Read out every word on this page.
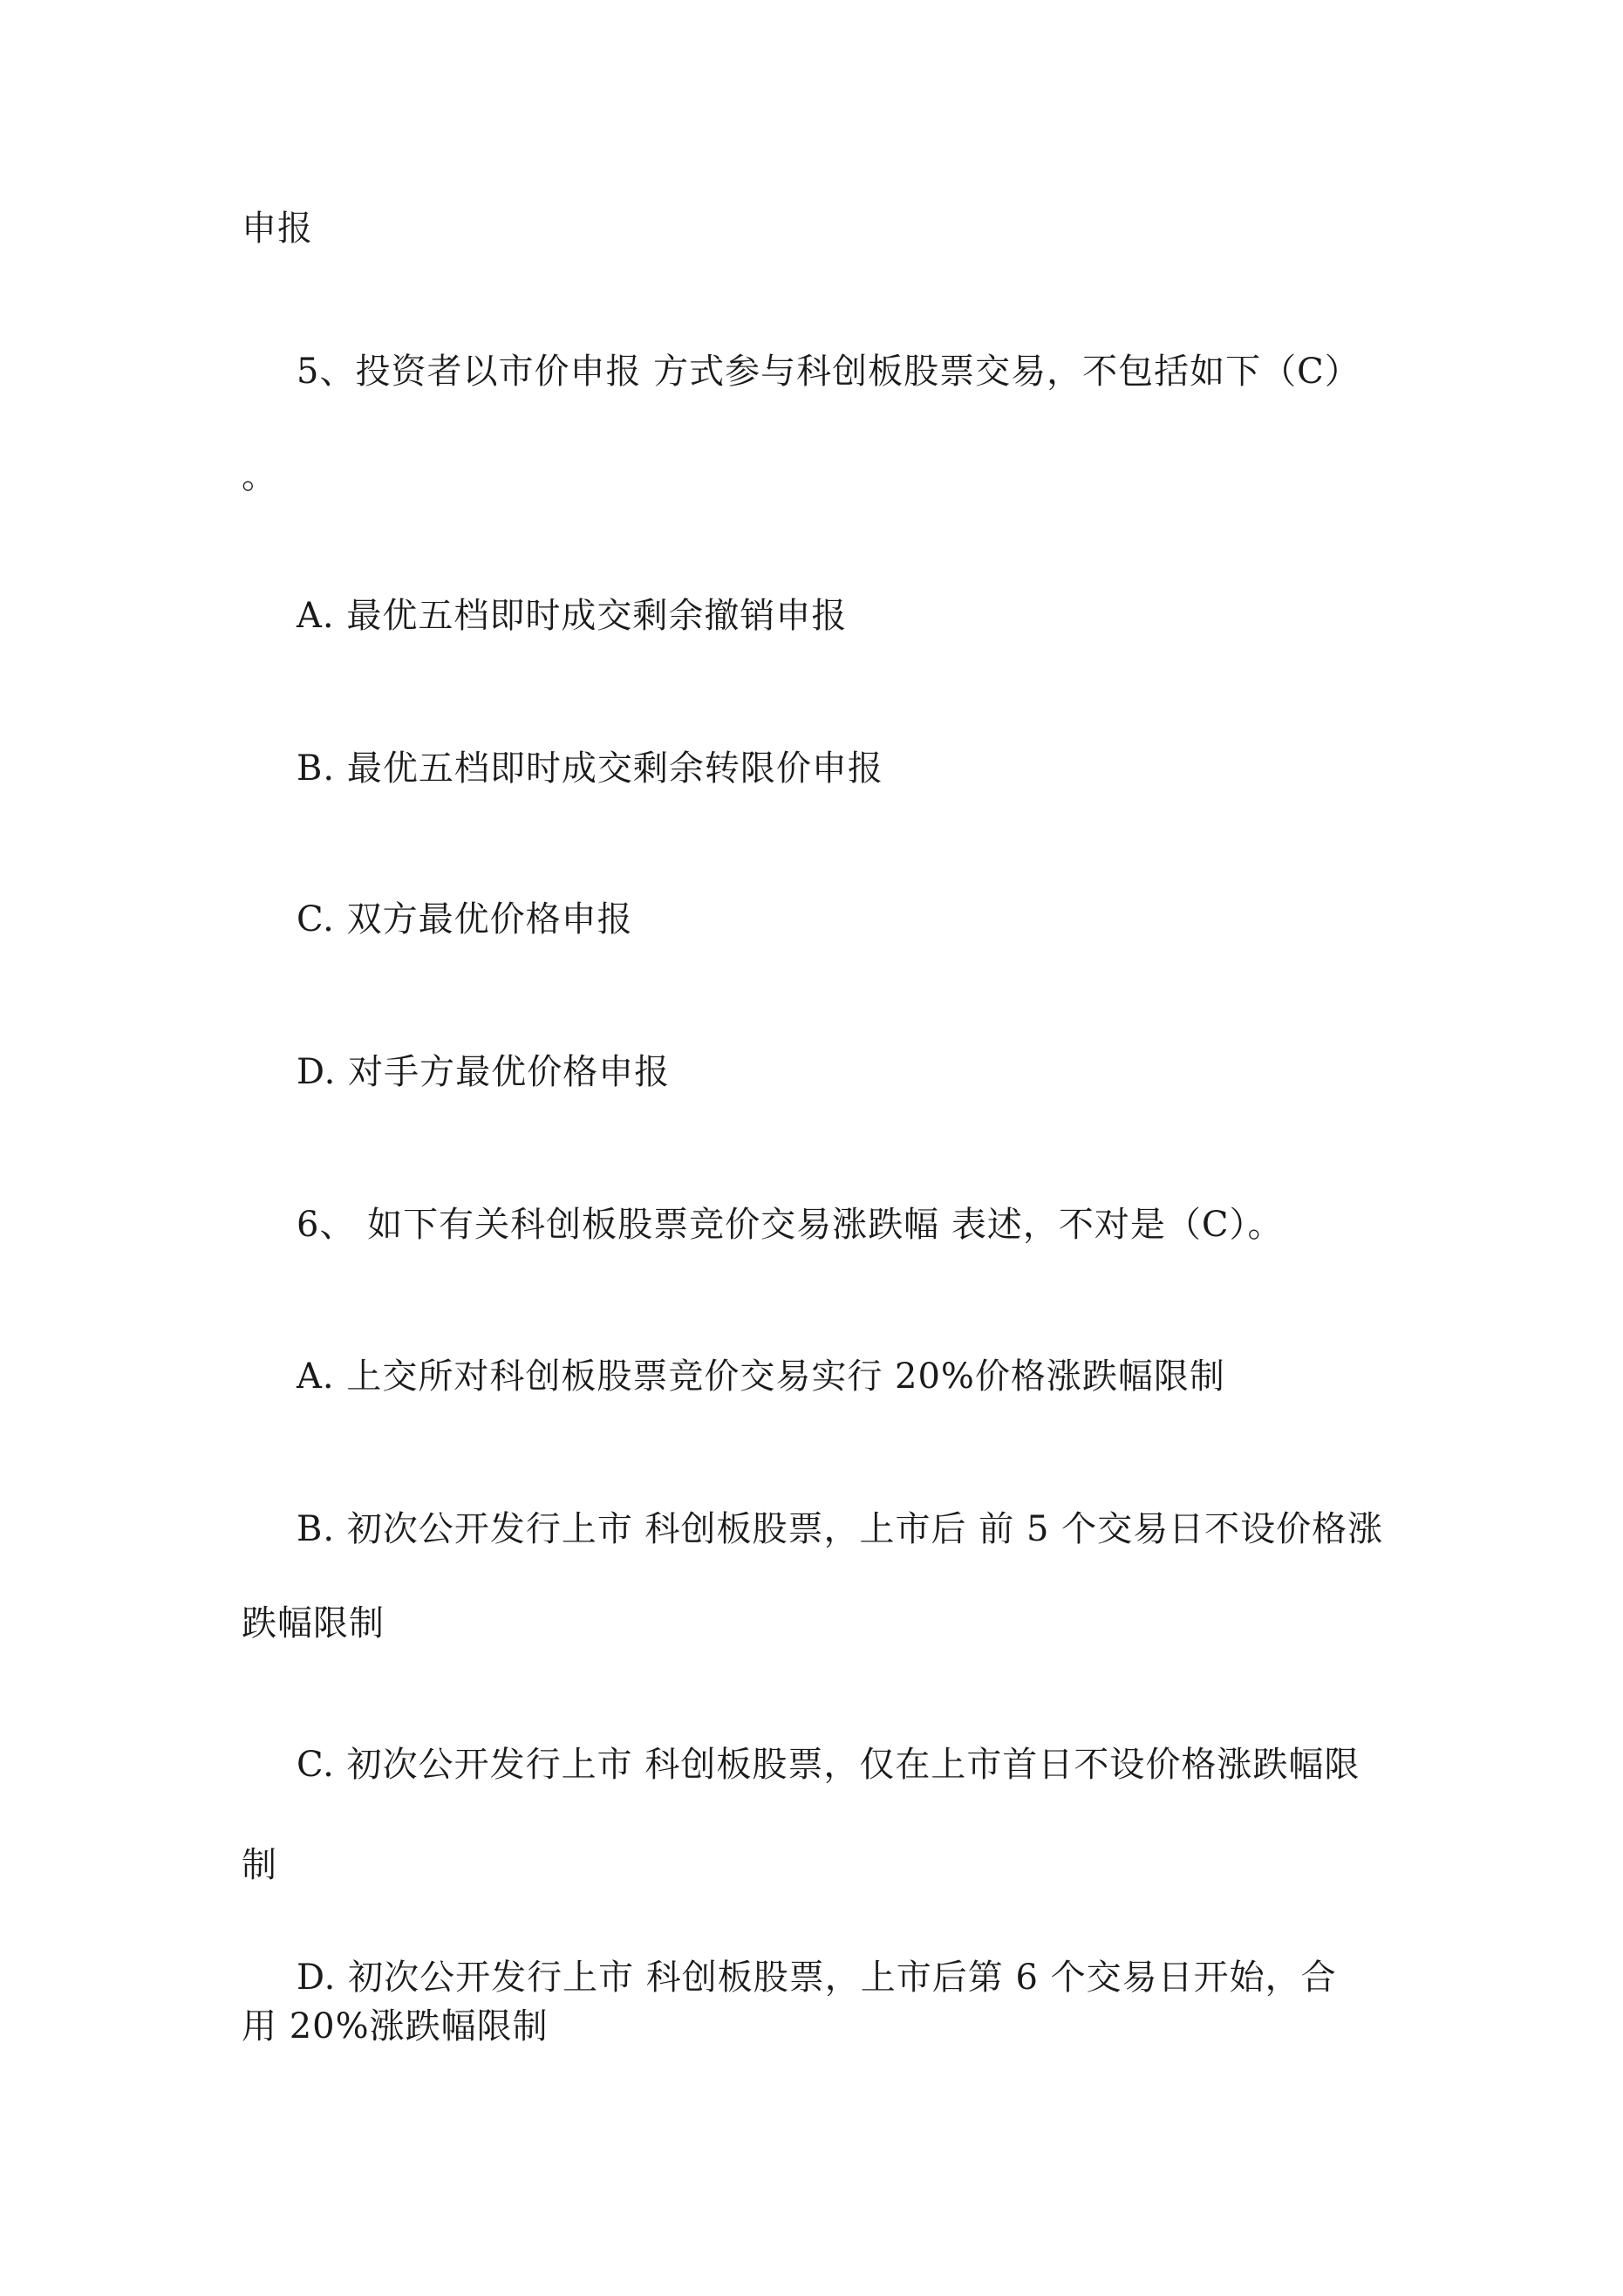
申报
5、投资者以市价申报 方式参与科创板股票交易，不包括如下（C）
。
A. 最优五档即时成交剩余撤销申报
B. 最优五档即时成交剩余转限价申报
C. 双方最优价格申报
D. 对手方最优价格申报
6、 如下有关科创板股票竞价交易涨跌幅 表述，不对是（C）。
A. 上交所对科创板股票竞价交易实行 20%价格涨跌幅限制
B. 初次公开发行上市 科创板股票，上市后 前 5 个交易日不设价格涨
跌幅限制
C. 初次公开发行上市 科创板股票，仅在上市首日不设价格涨跌幅限
制
D. 初次公开发行上市 科创板股票，上市后第 6 个交易日开始，合
用 20%涨跌幅限制
